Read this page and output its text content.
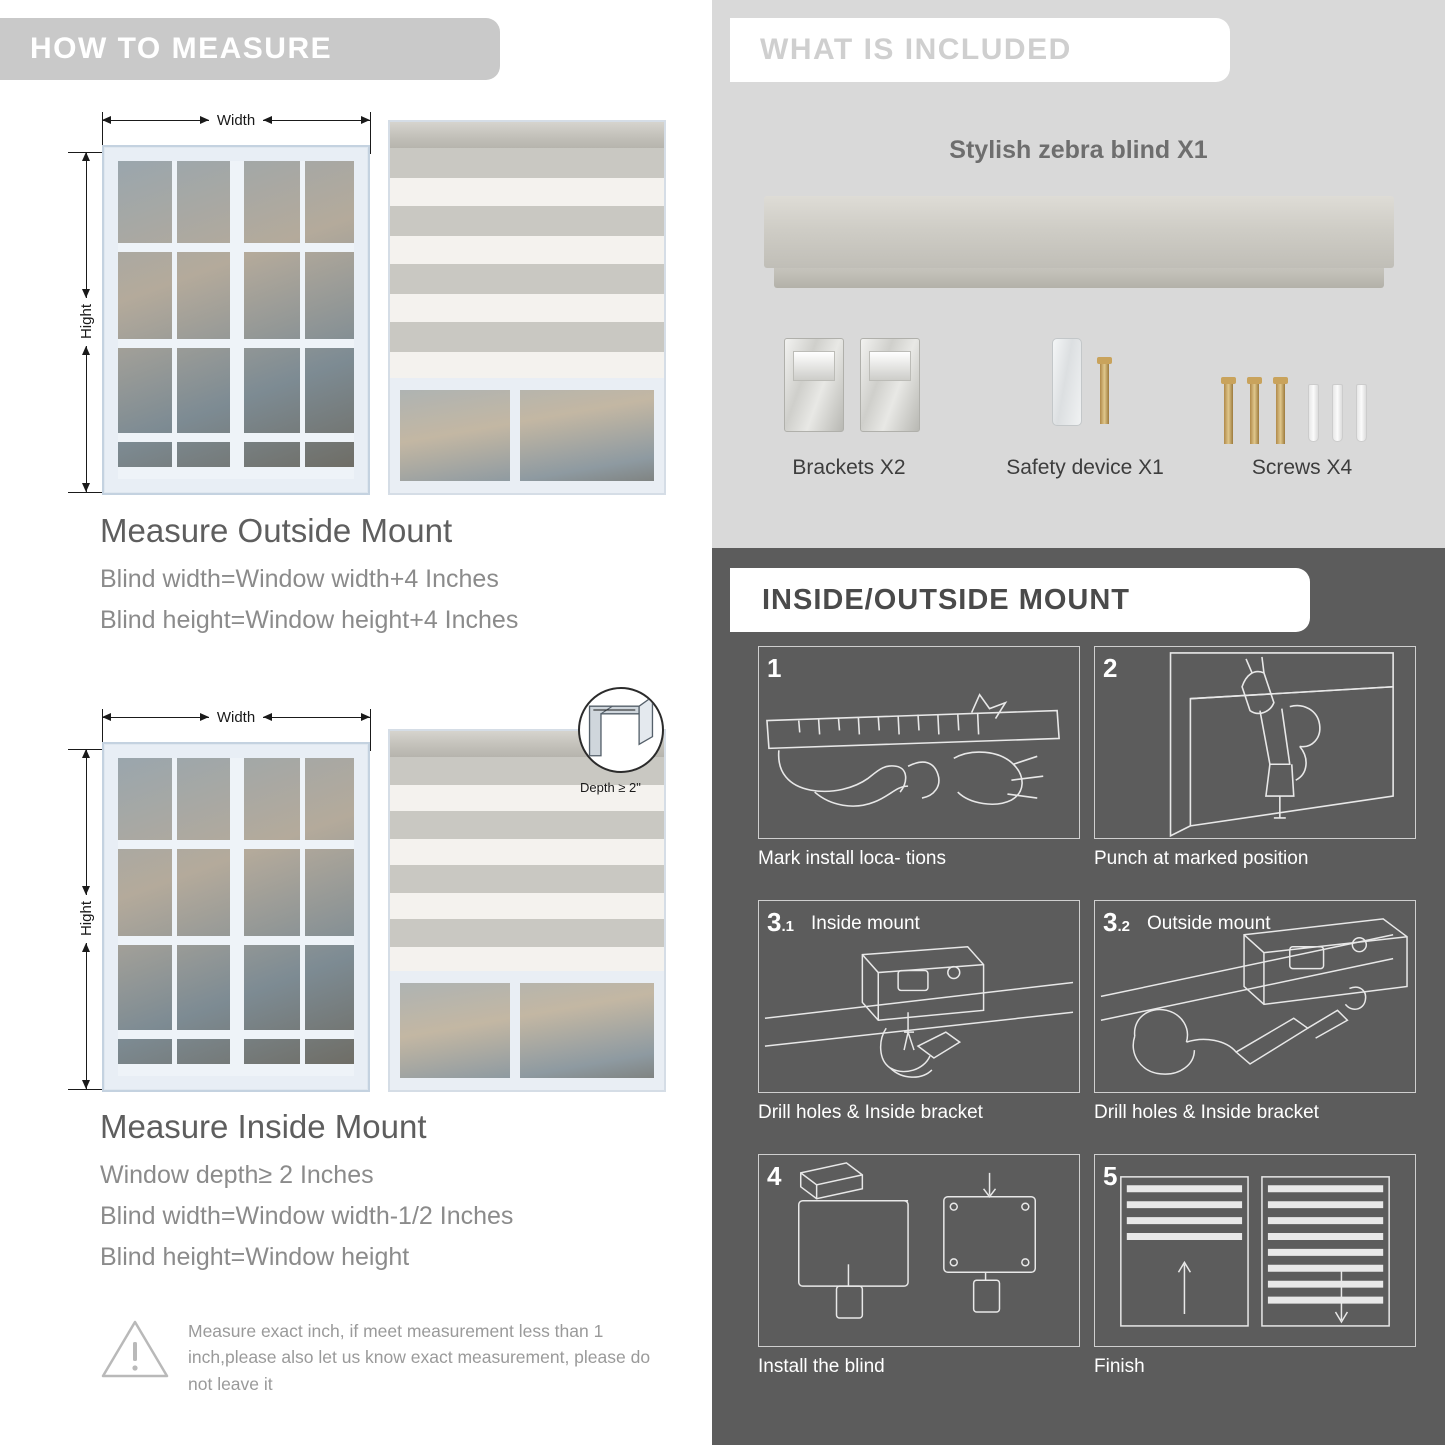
HOW TO MEASURE
Width
Hight
Measure Outside Mount
Blind width=Window width+4 Inches
Blind height=Window height+4 Inches
Width
Hight
Depth ≥ 2"
Measure Inside Mount
Window depth≥ 2 Inches
Blind width=Window width-1/2 Inches
Blind height=Window height
Measure exact inch, if meet measurement less than 1 inch,please also let us know exact measurement, please do not leave it
WHAT IS INCLUDED
Stylish zebra blind X1
Brackets X2	Safety device X1	Screws X4
INSIDE/OUTSIDE MOUNT
1
Mark install loca- tions
2
Punch at marked position
3.1 Inside mount
Drill holes & Inside bracket
3.2 Outside mount
Drill holes & Inside bracket
4
Install the blind
5
Finish
